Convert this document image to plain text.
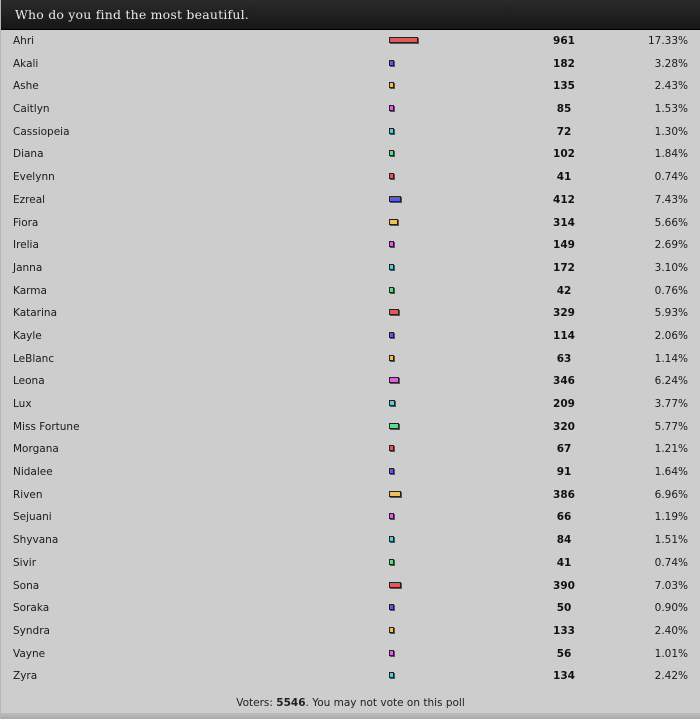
Who do you find the most beautiful.
Ahri	961	17.33%
Akali	182	3.28%
Ashe	135	2.43%
Caitlyn	85	1.53%
Cassiopeia	72	1.30%
Diana	102	1.84%
Evelynn	41	0.74%
Ezreal	412	7.43%
Fiora	314	5.66%
Irelia	149	2.69%
Janna	172	3.10%
Karma	42	0.76%
Katarina	329	5.93%
Kayle	114	2.06%
LeBlanc	63	1.14%
Leona	346	6.24%
Lux	209	3.77%
Miss Fortune	320	5.77%
Morgana	67	1.21%
Nidalee	91	1.64%
Riven	386	6.96%
Sejuani	66	1.19%
Shyvana	84	1.51%
Sivir	41	0.74%
Sona	390	7.03%
Soraka	50	0.90%
Syndra	133	2.40%
Vayne	56	1.01%
Zyra	134	2.42%
Voters: 5546. You may not vote on this poll
